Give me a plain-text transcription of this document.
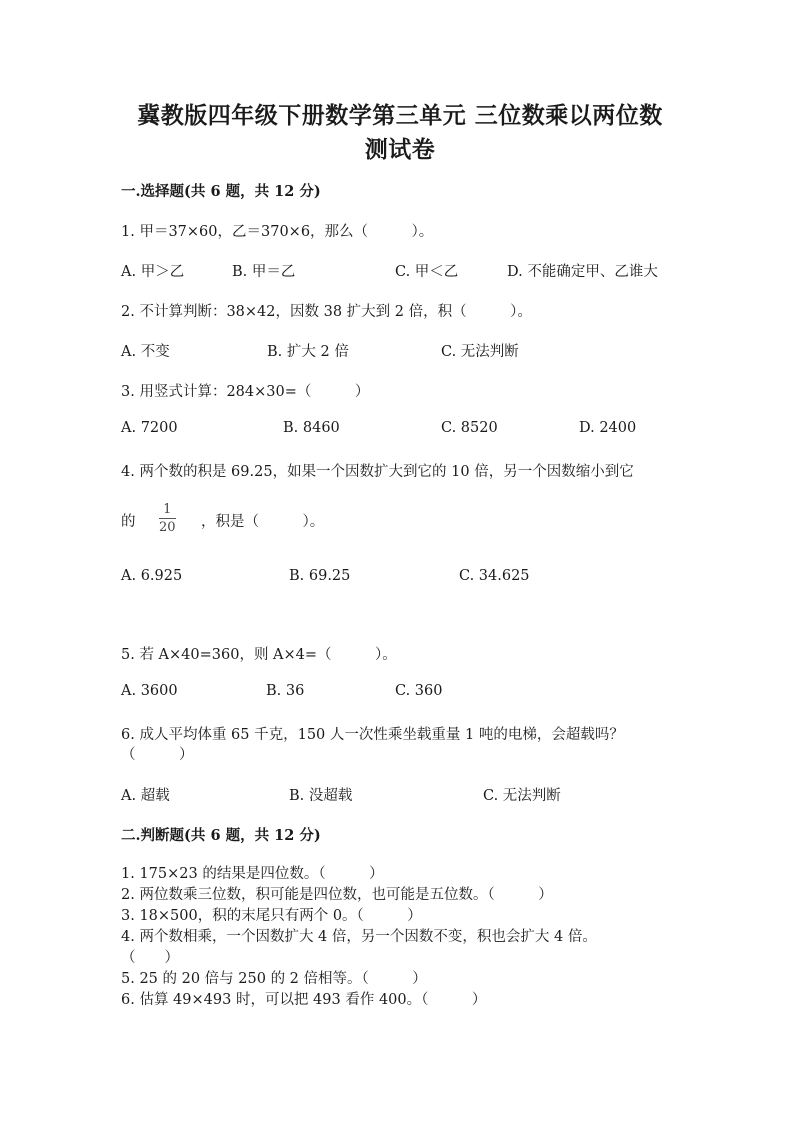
冀教版四年级下册数学第三单元 三位数乘以两位数
测试卷
一.选择题(共 6 题，共 12 分)
1. 甲＝37×60，乙＝370×6，那么（　　　）。
A. 甲＞乙	B. 甲＝乙	C. 甲＜乙	D. 不能确定甲、乙谁大
2. 不计算判断：38×42，因数 38 扩大到 2 倍，积（　　　）。
A. 不变	B. 扩大 2 倍	C. 无法判断
3. 用竖式计算：284×30=（　　　）
A. 7200	B. 8460	C. 8520	D. 2400
4. 两个数的积是 69.25，如果一个因数扩大到它的 10 倍，另一个因数缩小到它
的 $\frac{1}{20}$ ，积是（　　　）。
A. 6.925	B. 69.25	C. 34.625
5. 若 A×40=360，则 A×4=（　　　）。
A. 3600	B. 36	C. 360
6. 成人平均体重 65 千克，150 人一次性乘坐载重量 1 吨的电梯，会超载吗？
（　　　）
A. 超载	B. 没超载	C. 无法判断
二.判断题(共 6 题，共 12 分)
1. 175×23 的结果是四位数。（　　　）
2. 两位数乘三位数，积可能是四位数，也可能是五位数。（　　　）
3. 18×500，积的末尾只有两个 0。（　　　）
4. 两个数相乘，一个因数扩大 4 倍，另一个因数不变，积也会扩大 4 倍。
（　　）
5. 25 的 20 倍与 250 的 2 倍相等。（　　　）
6. 估算 49×493 时，可以把 493 看作 400。（　　　）
